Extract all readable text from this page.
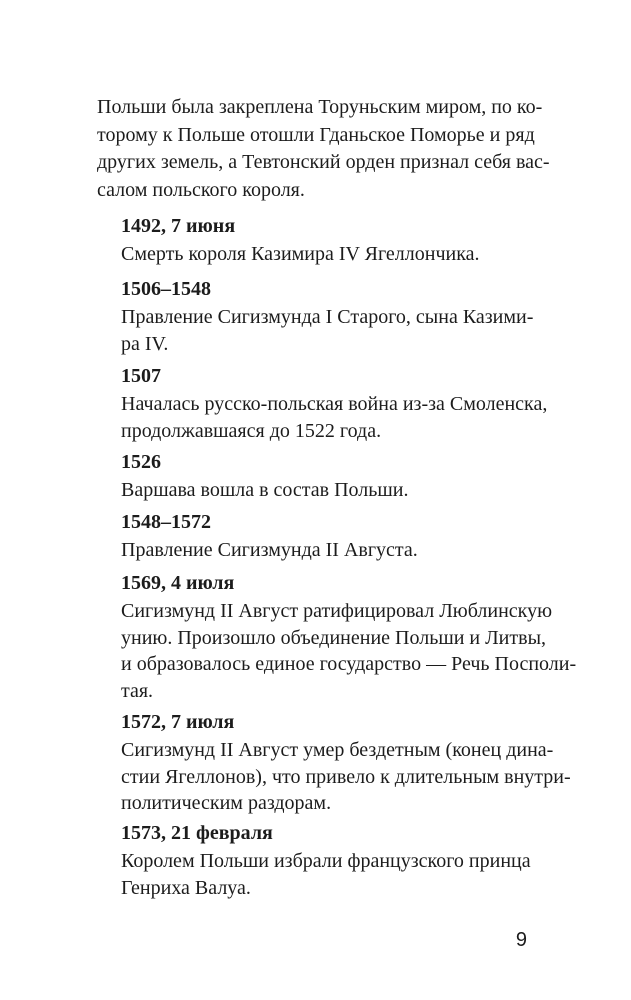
Польши была закреплена Торуньским миром, по ко-
торому к Польше отошли Гданьское Поморье и ряд
других земель, а Тевтонский орден признал себя вас-
салом польского короля.

1492, 7 июня

Смерть короля Казимира IV Ягеллончика.

1506–1548

Правление Сигизмунда I Старого, сына Казими-
ра IV.

1507

Началась русско-польская война из-за Смоленска,
продолжавшаяся до 1522 года.

1526

Варшава вошла в состав Польши.

1548–1572

Правление Сигизмунда II Августа.

1569, 4 июля

Сигизмунд II Август ратифицировал Люблинскую
унию. Произошло объединение Польши и Литвы,
и образовалось единое государство — Речь Посполи-
тая.

1572, 7 июля

Сигизмунд II Август умер бездетным (конец дина-
стии Ягеллонов), что привело к длительным внутри-
политическим раздорам.

1573, 21 февраля

Королем Польши избрали французского принца
Генриха Валуа.

9
